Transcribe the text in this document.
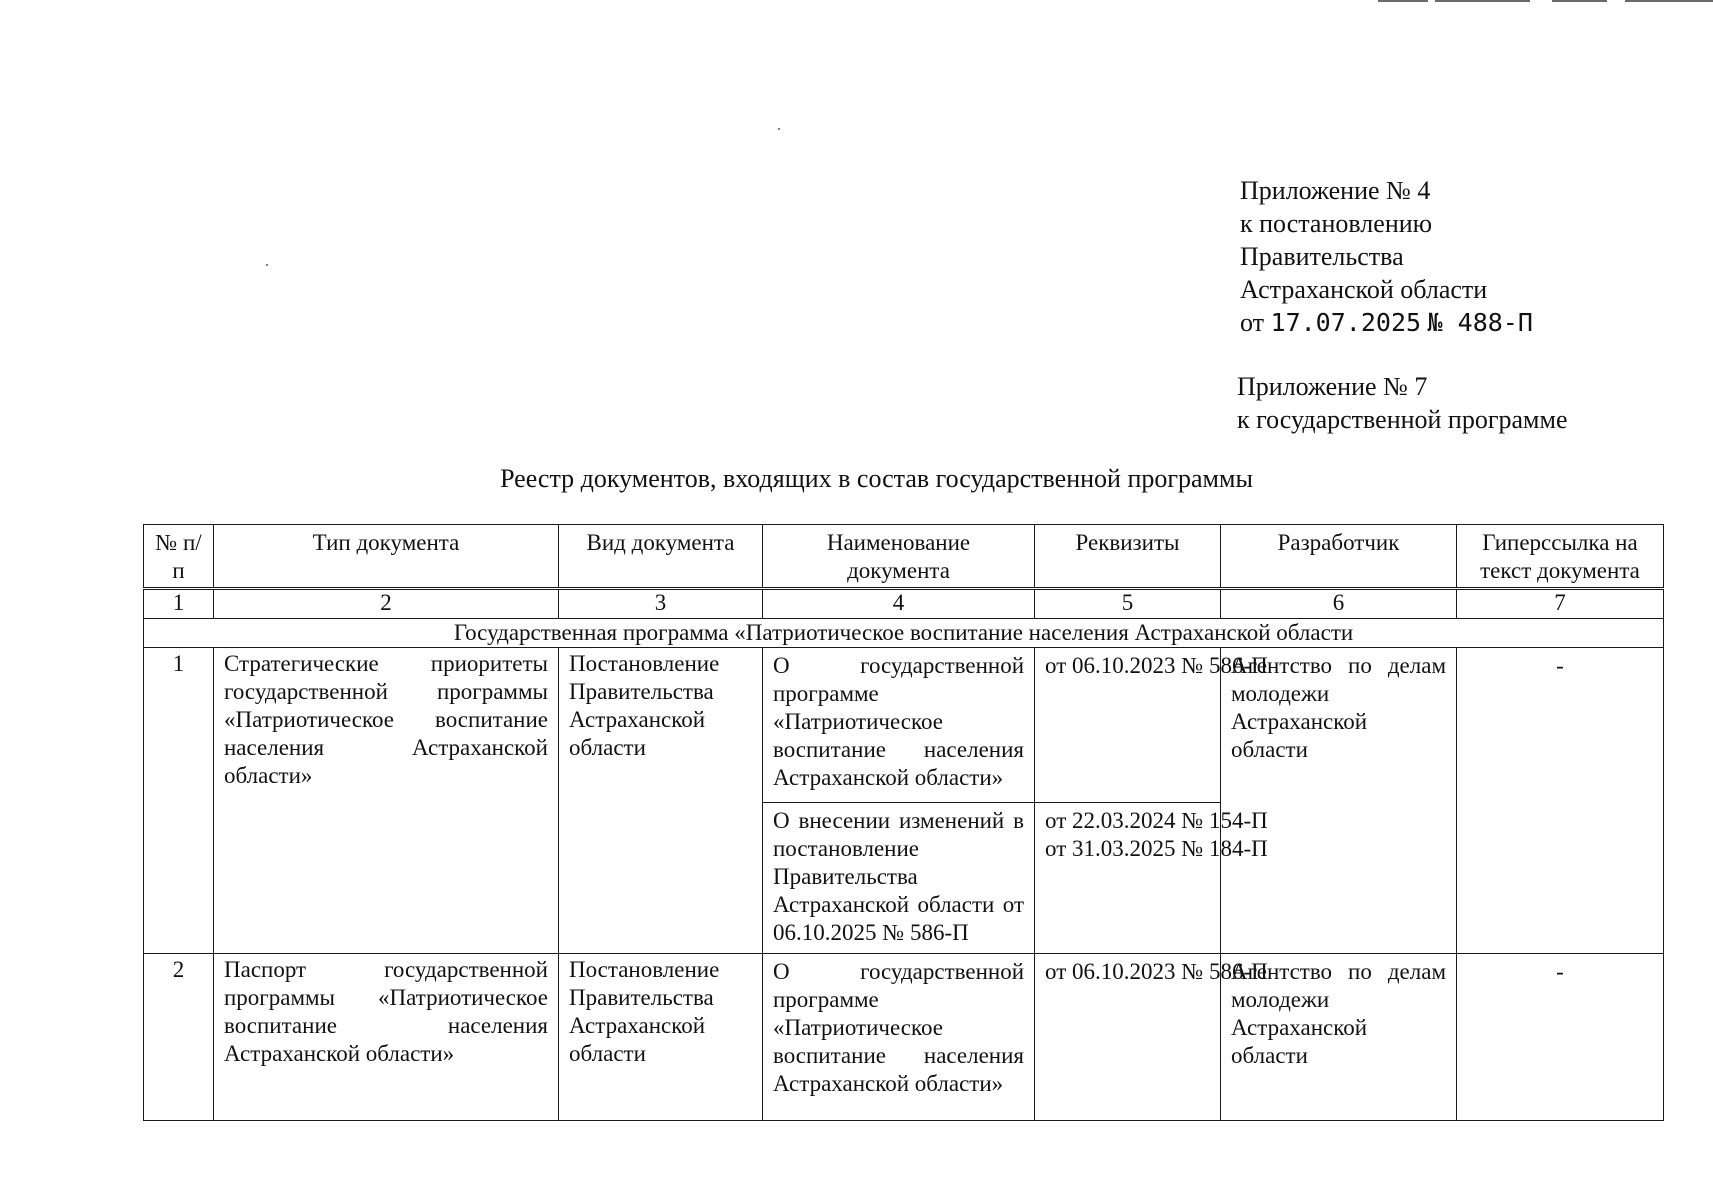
Приложение № 4
к постановлению
Правительства
Астраханской области
от 17.07.2025 № 488-П
Приложение № 7
к государственной программе
Реестр документов, входящих в состав государственной программы
№ п/п	Тип документа	Вид документа	Наименование документа	Реквизиты	Разработчик	Гиперссылка на текст документа
1	2	3	4	5	6	7
Государственная программа «Патриотическое воспитание населения Астраханской области						
1	Стратегические приоритеты государственной программы «Патриотическое воспитание населения Астраханской области»	Постановление Правительства Астраханской области	О государственной программе «Патриотическое воспитание населения Астраханской области»	от 06.10.2023 № 586-П	Агентство по делам молодежи Астраханской области	-
			О внесении изменений в постановление Правительства Астраханской области от 06.10.2025 № 586-П	от 22.03.2024 № 154-П
от 31.03.2025 № 184-П		

2	Паспорт государственной программы «Патриотическое воспитание населения Астраханской области»	Постановление Правительства Астраханской области	О государственной программе «Патриотическое воспитание населения Астраханской области»	от 06.10.2023 № 586-П	Агентство по делам молодежи Астраханской области	-
